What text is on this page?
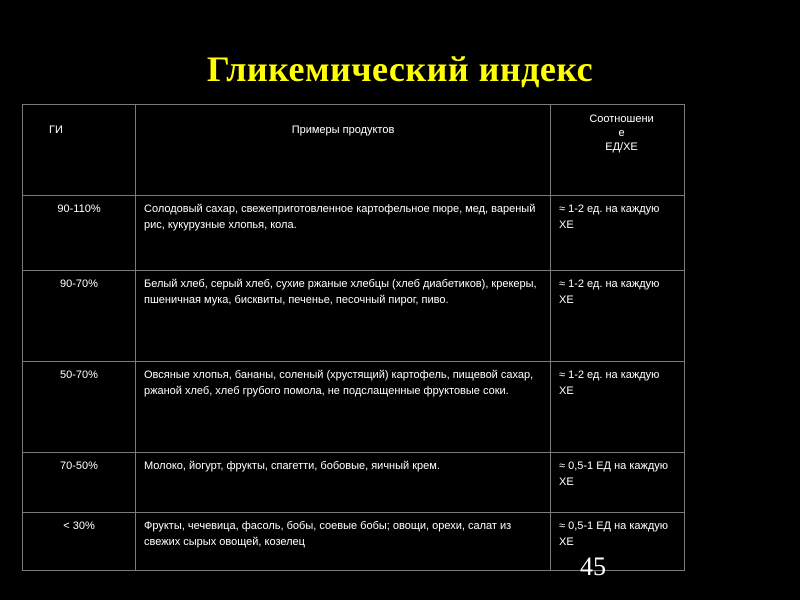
Гликемический индекс
ГИ	Примеры продуктов	Соотношени
е
ЕД/ХЕ

90-110%	Солодовый сахар, свежеприготовленное картофельное пюре, мед, вареный рис, кукурузные хлопья, кола.	≈ 1-2 ед. на каждую ХЕ

90-70%	Белый хлеб, серый хлеб, сухие ржаные хлебцы (хлеб диабетиков), крекеры, пшеничная мука, бисквиты, печенье, песочный пирог, пиво.	≈ 1-2 ед. на каждую ХЕ

50-70%	Овсяные хлопья, бананы, соленый (хрустящий) картофель, пищевой сахар, ржаной хлеб, хлеб грубого помола, не подслащенные фруктовые соки.	≈ 1-2 ед. на каждую ХЕ

70-50%	Молоко, йогурт, фрукты, спагетти, бобовые, яичный крем.	≈ 0,5-1 ЕД на каждую ХЕ

< 30%	Фрукты, чечевица, фасоль, бобы, соевые бобы; овощи, орехи, салат из свежих сырых овощей, козелец	≈ 0,5-1 ЕД на каждую ХЕ
45
